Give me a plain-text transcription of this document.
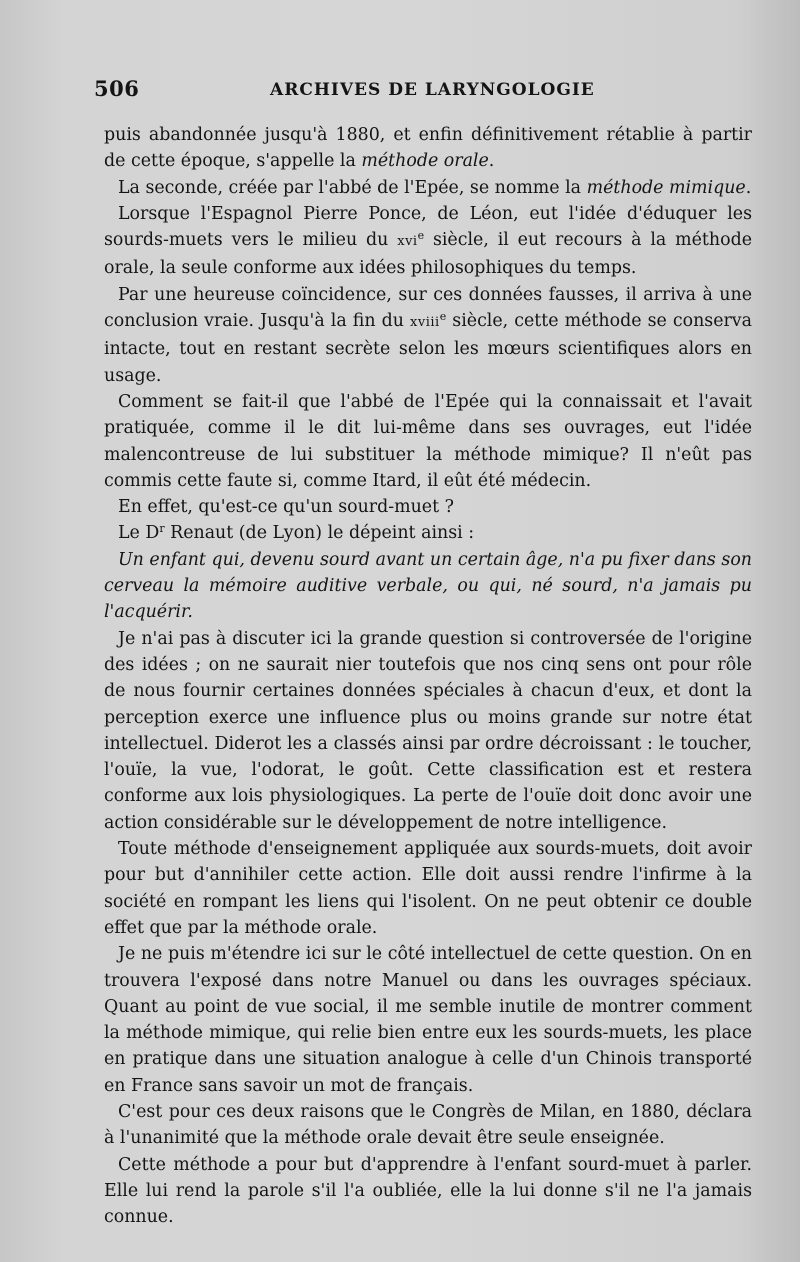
506	ARCHIVES DE LARYNGOLOGIE

puis abandonnée jusqu'à 1880, et enfin définitivement rétablie à partir de cette époque, s'appelle la méthode orale.

La seconde, créée par l'abbé de l'Epée, se nomme la méthode mimique.

Lorsque l'Espagnol Pierre Ponce, de Léon, eut l'idée d'éduquer les sourds-muets vers le milieu du xvi$^e$ siècle, il eut recours à la méthode orale, la seule conforme aux idées philosophiques du temps.

Par une heureuse coïncidence, sur ces données fausses, il arriva à une conclusion vraie. Jusqu'à la fin du xviii$^e$ siècle, cette méthode se conserva intacte, tout en restant secrète selon les mœurs scientifiques alors en usage.

Comment se fait-il que l'abbé de l'Epée qui la connaissait et l'avait pratiquée, comme il le dit lui-même dans ses ouvrages, eut l'idée malencontreuse de lui substituer la méthode mimique? Il n'eût pas commis cette faute si, comme Itard, il eût été médecin.

En effet, qu'est-ce qu'un sourd-muet ?

Le $D^r$ Renaut (de Lyon) le dépeint ainsi :

Un enfant qui, devenu sourd avant un certain âge, n'a pu fixer dans son cerveau la mémoire auditive verbale, ou qui, né sourd, n'a jamais pu l'acquérir.

Je n'ai pas à discuter ici la grande question si controversée de l'origine des idées ; on ne saurait nier toutefois que nos cinq sens ont pour rôle de nous fournir certaines données spéciales à chacun d'eux, et dont la perception exerce une influence plus ou moins grande sur notre état intellectuel. Diderot les a classés ainsi par ordre décroissant : le toucher, l'ouïe, la vue, l'odorat, le goût. Cette classification est et restera conforme aux lois physiologiques. La perte de l'ouïe doit donc avoir une action considérable sur le développement de notre intelligence.

Toute méthode d'enseignement appliquée aux sourds-muets, doit avoir pour but d'annihiler cette action. Elle doit aussi rendre l'infirme à la société en rompant les liens qui l'isolent. On ne peut obtenir ce double effet que par la méthode orale.

Je ne puis m'étendre ici sur le côté intellectuel de cette question. On en trouvera l'exposé dans notre Manuel ou dans les ouvrages spéciaux. Quant au point de vue social, il me semble inutile de montrer comment la méthode mimique, qui relie bien entre eux les sourds-muets, les place en pratique dans une situation analogue à celle d'un Chinois transporté en France sans savoir un mot de français.

C'est pour ces deux raisons que le Congrès de Milan, en 1880, déclara à l'unanimité que la méthode orale devait être seule enseignée.

Cette méthode a pour but d'apprendre à l'enfant sourd-muet à parler. Elle lui rend la parole s'il l'a oubliée, elle la lui donne s'il ne l'a jamais connue.
